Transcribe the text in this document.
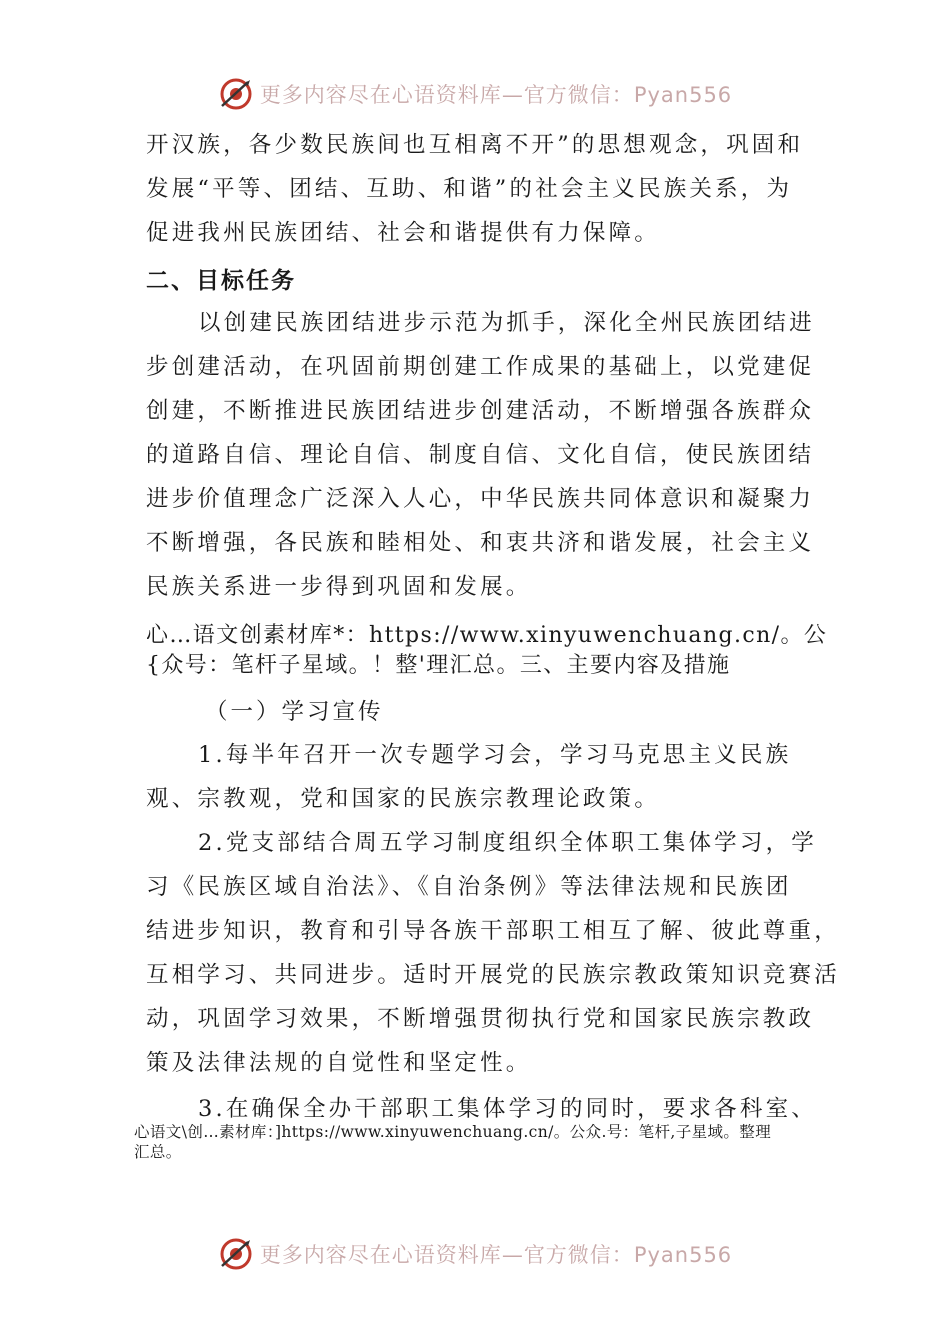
更多内容尽在心语资料库—官方微信：Pyan556
开汉族，各少数民族间也互相离不开”的思想观念，巩固和
发展“平等、团结、互助、和谐”的社会主义民族关系，为
促进我州民族团结、社会和谐提供有力保障。
二、目标任务
以创建民族团结进步示范为抓手，深化全州民族团结进
步创建活动，在巩固前期创建工作成果的基础上，以党建促
创建，不断推进民族团结进步创建活动，不断增强各族群众
的道路自信、理论自信、制度自信、文化自信，使民族团结
进步价值理念广泛深入人心，中华民族共同体意识和凝聚力
不断增强，各民族和睦相处、和衷共济和谐发展，社会主义
民族关系进一步得到巩固和发展。
心…语文创素材库*：https://www.xinyuwenchuang.cn/。公
{众号：笔杆子星域。！整'理汇总。三、主要内容及措施
（一）学习宣传
1.每半年召开一次专题学习会，学习马克思主义民族
观、宗教观，党和国家的民族宗教理论政策。
2.党支部结合周五学习制度组织全体职工集体学习，学
习《民族区域自治法》、《自治条例》等法律法规和民族团
结进步知识，教育和引导各族干部职工相互了解、彼此尊重，
互相学习、共同进步。适时开展党的民族宗教政策知识竞赛活
动，巩固学习效果，不断增强贯彻执行党和国家民族宗教政
策及法律法规的自觉性和坚定性。
3.在确保全办干部职工集体学习的同时，要求各科室、
心语文\创…素材库：]https://www.xinyuwenchuang.cn/。公众.号：笔杆,子星域。整理
汇总。
更多内容尽在心语资料库—官方微信：Pyan556
